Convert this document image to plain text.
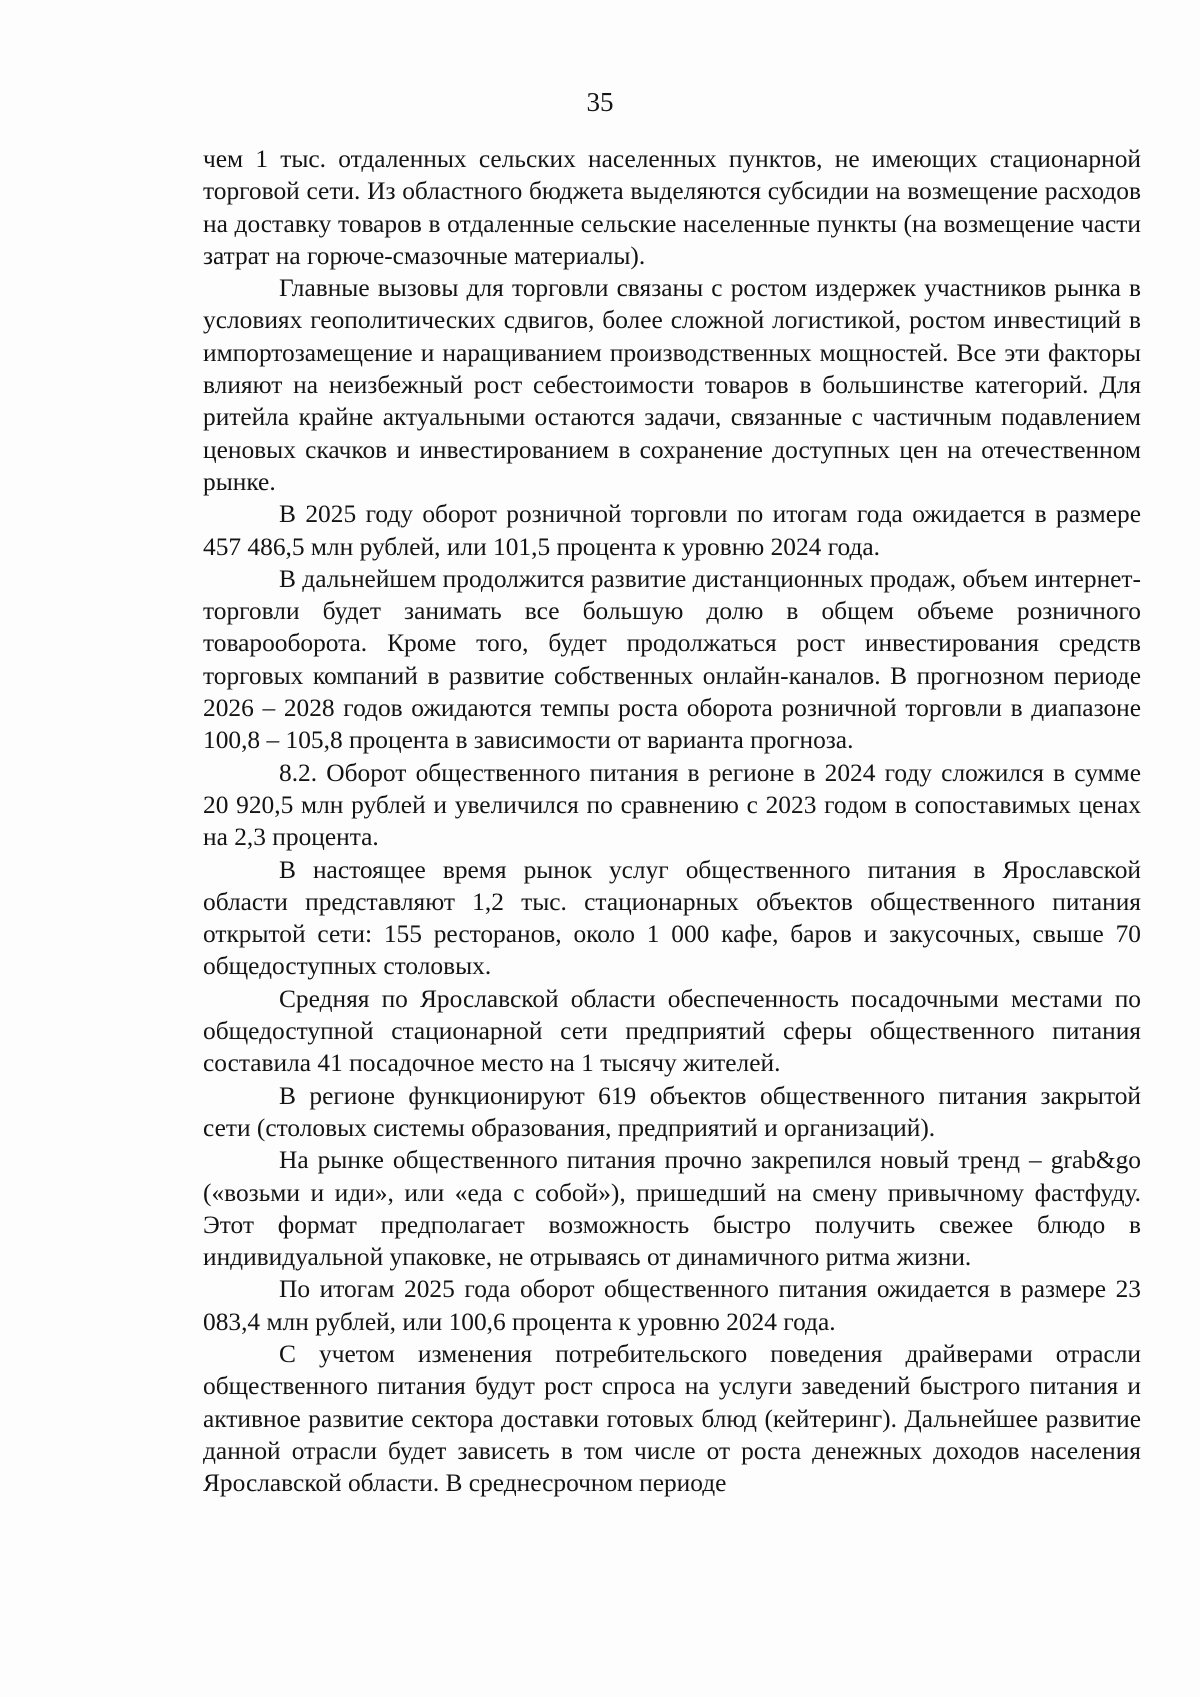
35

чем 1 тыс. отдаленных сельских населенных пунктов, не имеющих стационарной торговой сети. Из областного бюджета выделяются субсидии на возмещение расходов на доставку товаров в отдаленные сельские населенные пункты (на возмещение части затрат на горюче-смазочные материалы).

Главные вызовы для торговли связаны с ростом издержек участников рынка в условиях геополитических сдвигов, более сложной логистикой, ростом инвестиций в импортозамещение и наращиванием производственных мощностей. Все эти факторы влияют на неизбежный рост себестоимости товаров в большинстве категорий. Для ритейла крайне актуальными остаются задачи, связанные с частичным подавлением ценовых скачков и инвестированием в сохранение доступных цен на отечественном рынке.

В 2025 году оборот розничной торговли по итогам года ожидается в размере 457 486,5 млн рублей, или 101,5 процента к уровню 2024 года.

В дальнейшем продолжится развитие дистанционных продаж, объем интернет-торговли будет занимать все большую долю в общем объеме розничного товарооборота. Кроме того, будет продолжаться рост инвестирования средств торговых компаний в развитие собственных онлайн-каналов. В прогнозном периоде 2026 – 2028 годов ожидаются темпы роста оборота розничной торговли в диапазоне 100,8 – 105,8 процента в зависимости от варианта прогноза.

8.2. Оборот общественного питания в регионе в 2024 году сложился в сумме 20 920,5 млн рублей и увеличился по сравнению с 2023 годом в сопоставимых ценах на 2,3 процента.

В настоящее время рынок услуг общественного питания в Ярославской области представляют 1,2 тыс. стационарных объектов общественного питания открытой сети: 155 ресторанов, около 1 000 кафе, баров и закусочных, свыше 70 общедоступных столовых.

Средняя по Ярославской области обеспеченность посадочными местами по общедоступной стационарной сети предприятий сферы общественного питания составила 41 посадочное место на 1 тысячу жителей.

В регионе функционируют 619 объектов общественного питания закрытой сети (столовых системы образования, предприятий и организаций).

На рынке общественного питания прочно закрепился новый тренд – grab&go («возьми и иди», или «еда с собой»), пришедший на смену привычному фастфуду. Этот формат предполагает возможность быстро получить свежее блюдо в индивидуальной упаковке, не отрываясь от динамичного ритма жизни.

По итогам 2025 года оборот общественного питания ожидается в размере 23 083,4 млн рублей, или 100,6 процента к уровню 2024 года.

С учетом изменения потребительского поведения драйверами отрасли общественного питания будут рост спроса на услуги заведений быстрого питания и активное развитие сектора доставки готовых блюд (кейтеринг). Дальнейшее развитие данной отрасли будет зависеть в том числе от роста денежных доходов населения Ярославской области. В среднесрочном периоде
